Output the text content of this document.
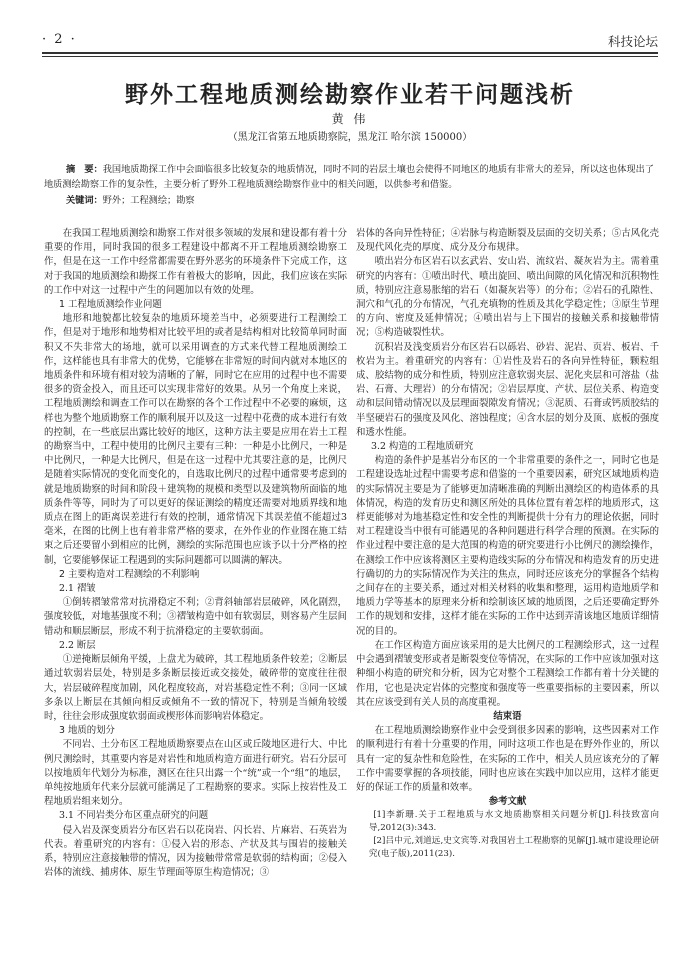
· 2 ·	科技论坛
野外工程地质测绘勘察作业若干问题浅析
黄 伟
（黑龙江省第五地质勘察院，黑龙江 哈尔滨 150000）
摘　要：我国地质勘探工作中会面临很多比较复杂的地质情况，同时不同的岩层土壤也会使得不同地区的地质有非常大的差异，所以这也体现出了地质测绘勘察工作的复杂性，主要分析了野外工程地质测绘勘察作业中的相关问题，以供参考和借鉴。
关键词：野外；工程测绘；勘察

在我国工程地质测绘和勘察工作对很多领域的发展和建设都有着十分重要的作用，同时我国的很多工程建设中都离不开工程地质测绘勘察工作，但是在这一工作中经常都需要在野外恶劣的环境条件下完成工作，这对于我国的地质测绘和勘探工作有着极大的影响，因此，我们应该在实际的工作中对这一过程中产生的问题加以有效的处理。

1 工程地质测绘作业问题

地形和地貌都比较复杂的地质环境差当中，必须要进行工程测绘工作，但是对于地形和地势相对比较平坦的或者是结构相对比较简单同时面积又不失非常大的场地，就可以采用调查的方式来代替工程地质测绘工作，这样能也具有非常大的优势，它能够在非常短的时间内就对本地区的地质条件和环境有相对较为清晰的了解，同时它在应用的过程中也不需要很多的资金投入，而且还可以实现非常好的效果。从另一个角度上来说，工程地质测绘和调查工作可以在勘察的各个工作过程中不必要的麻烦，这样也为整个地质勘察工作的顺利展开以及这一过程中花费的成本进行有效的控制，在一些底层出露比较好的地区，这种方法主要是应用在岩土工程的勘察当中，工程中使用的比例尺主要有三种：一种是小比例尺，一种是中比例尺，一种是大比例尺，但是在这一过程中尤其要注意的是，比例尺是随着实际情况的变化而变化的，自选取比例尺的过程中通常要考虑到的就是地质勘察的时间和阶段＋建筑物的规模和类型以及建筑物所面临的地质条件等等，同时为了可以更好的保证测绘的精度还需要对地质界线和地质点在图上的距离误差进行有效的控制，通常情况下其误差值不能超过3毫米，在图的比例上也有着非常严格的要求，在外作业的作业图在施工结束之后还要留小到相应的比例，测绘的实际范围也应该予以十分严格的控制，它要能够保证工程遇到的实际问题都可以圆满的解决。

2 主要构造对工程测绘的不利影响
2.1 褶皱

①倒转褶皱常常对抗滑稳定不利；②背斜轴部岩层破碎，风化剧烈，强度较低，对地基强度不利；③褶皱构造中如有软弱层，则容易产生层间错动和顺层断层，形成不利于抗滑稳定的主要软弱面。

2.2 断层

①逆掩断层倾角平缓，上盘尤为破碎，其工程地质条件较差；②断层通过软弱岩层处，特别是多条断层接近或交接处，破碎带的宽度往往很大，岩层破碎程度加剧，风化程度较高，对岩基稳定性不利；③同一区域多条以上断层在其倾向相反或倾角不一致的情况下，特别是当倾角较缓时，往往会形成强度软弱面或楔形体而影响岩体稳定。

3 地质的划分

不同岩、土分布区工程地质勘察要点在山区或丘陵地区进行大、中比例尺测绘时，其重要内容是对岩性和地质构造方面进行研究。岩石分层可以按地质年代划分为标准，测区在往只出露一个“统”或一个“组”的地层，单纯按地质年代来分层就可能满足了工程勘察的要求。实际上按岩性及工程地质岩组来划分。

3.1 不同岩类分布区重点研究的问题

侵入岩及深变质岩分布区岩石以花岗岩、闪长岩、片麻岩、石英岩为代表。着重研究的内容有：①侵入岩的形态、产状及其与围岩的接触关系，特别应注意接触带的情况，因为接触带常常是软弱的结构面；②侵入岩体的流线、捕虏体、原生节理面等原生构造情况；③

岩体的各向异性特征；④岩脉与构造断裂及层面的交切关系；⑤古风化壳及现代风化壳的厚度、成分及分布规律。

喷出岩分布区岩石以玄武岩、安山岩、流纹岩、凝灰岩为主。需着重研究的内容有：①喷出时代、喷出旋回、喷出间隙的风化情况和沉积物性质，特别应注意易胀缩的岩石（如凝灰岩等）的分布；②岩石的孔隙性、洞穴和气孔的分布情况，气孔充填物的性质及其化学稳定性；③原生节理的方向、密度及延伸情况；④喷出岩与上下围岩的接触关系和接触带情况；⑤构造破裂性状。

沉积岩及浅变质岩分布区岩石以砾岩、砂岩、泥岩、页岩、板岩、千枚岩为主。着重研究的内容有：①岩性及岩石的各向异性特征，颗粒组成、胶结物的成分和性质，特别应注意软弱夹层、泥化夹层和可溶盐（盐岩、石膏、大理岩）的分布情况；②岩层厚度、产状、层位关系、构造变动和层间错动情况以及层理面裂隙发育情况；③泥质、石膏或钙质胶结的半坚硬岩石的强度及风化、溶蚀程度；④含水层的划分及顶、底板的强度和透水性能。

3.2 构造的工程地质研究

构造的条件护是基岩分布区的一个非常重要的条件之一，同时它也是工程建设选址过程中需要考虑和借鉴的一个重要因素，研究区域地质构造的实际情况主要是为了能够更加清晰准确的判断出测绘区的构造体系的具体情况，构造的发育历史和测区所处的具体位置有着怎样的地质形式，这样更能够对为地基稳定性和安全性的判断提供十分有力的理论依据，同时对工程建设当中很有可能遇见的各种问题进行科学合理的预测。在实际的作业过程中要注意的是大范围的构造的研究要进行小比例尺的测绘操作，在测绘工作中应该将测区主要构造线实际的分布情况和构造发育的历史进行确切的力的实际情况作为关注的焦点，同时还应该充分的掌握各个结构之间存在的主要关系，通过对相关材料的收集和整理，运用构造地质学和地质力学等基本的原理来分析和绘制该区域的地质图，之后还要确定野外工作的规划和安排，这样才能在实际的工作中达到弄清该地区地质详细情况的目的。

在工作区构造方面应该采用的是大比例尺的工程测绘形式，这一过程中会遇到褶皱变形或者是断裂变位等情况，在实际的工作中应该加强对这种细小构造的研究和分析，因为它对整个工程测绘工作都有着十分关键的作用，它也是决定岩体的完整度和强度等一些重要指标的主要因素，所以其在应该受到有关人员的高度重视。

结束语

在工程地质测绘勘察作业中会受到很多因素的影响，这些因素对工作的顺利进行有着十分重要的作用，同时这项工作也是在野外作业的，所以具有一定的复杂性和危险性，在实际的工作中，相关人员应该充分的了解工作中需要掌握的各项技能，同时也应该在实践中加以应用，这样才能更好的保证工作的质量和效率。

参考文献

[1]李新珊.关于工程地质与水文地质勘察相关问题分析[J].科技致富向导,2012(3):343.

[2]吕中元,刘道远,史文宾等.对我国岩土工程勘察的见解[J].城市建设理论研究(电子版),2011(23).
